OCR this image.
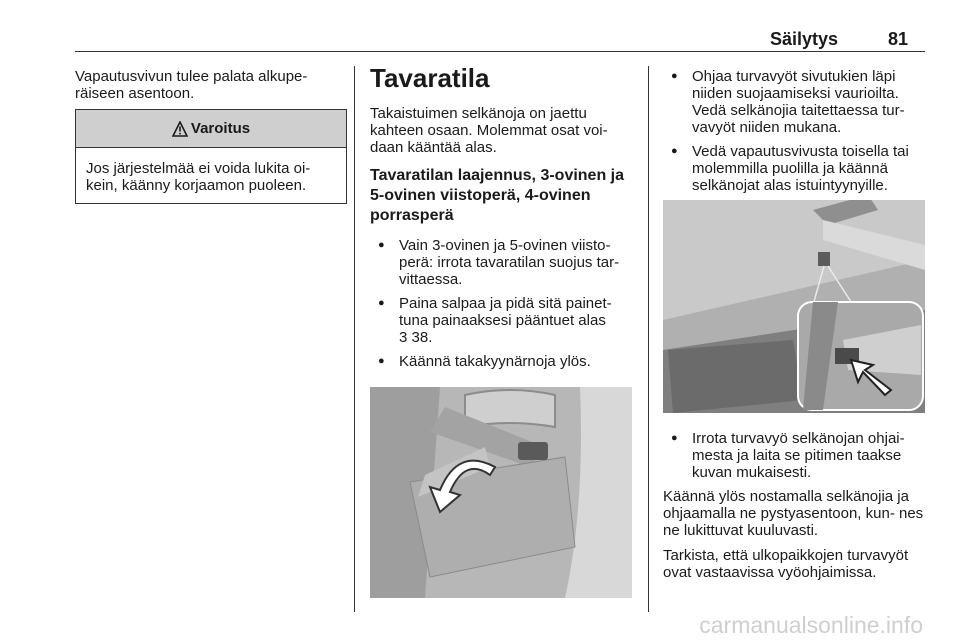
Säilytys	81

Vapautusvivun tulee palata alkupe- räiseen asentoon.

Varoitus
Jos järjestelmää ei voida lukita oi- kein, käänny korjaamon puoleen.
Tavaratila

Takaistuimen selkänoja on jaettu kahteen osaan. Molemmat osat voi- daan kääntää alas.

Tavaratilan laajennus, 3-ovinen ja 5-ovinen viistoperä, 4-ovinen porrasperä
● Vain 3-ovinen ja 5-ovinen viisto- perä: irrota tavaratilan suojus tar- vittaessa.
● Paina salpaa ja pidä sitä painet- tuna painaaksesi pääntuet alas
3 38.
● Käännä takakyynärnoja ylös.
● Ohjaa turvavyöt sivutukien läpi niiden suojaamiseksi vaurioilta. Vedä selkänojia taitettaessa tur- vavyöt niiden mukana.
● Vedä vapautusvivusta toisella tai molemmilla puolilla ja käännä selkänojat alas istuintyynyille.
● Irrota turvavyö selkänojan ohjai- mesta ja laita se pitimen taakse kuvan mukaisesti.

Käännä ylös nostamalla selkänojia ja ohjaamalla ne pystyasentoon, kun- nes ne lukittuvat kuuluvasti.

Tarkista, että ulkopaikkojen turvavyöt ovat vastaavissa vyöohjaimissa.

carmanualsonline.info
